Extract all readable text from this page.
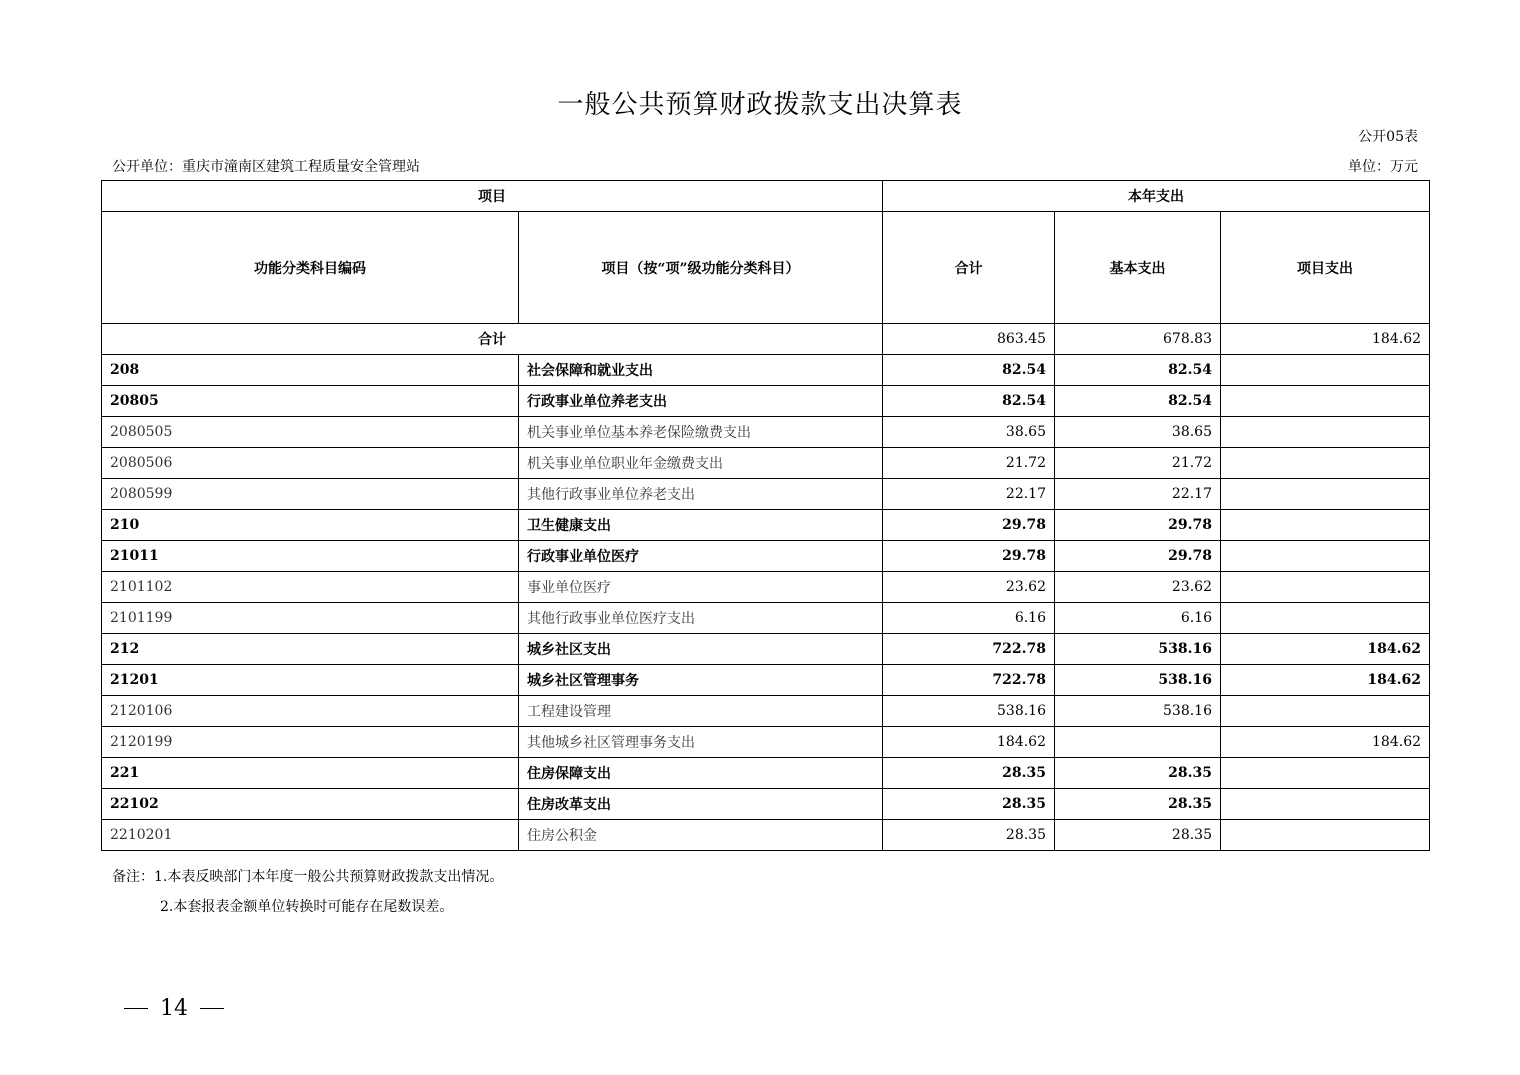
一般公共预算财政拨款支出决算表
公开05表
公开单位：重庆市潼南区建筑工程质量安全管理站	单位：万元
项目		本年支出		
功能分类科目编码	项目（按“项”级功能分类科目）	合计	基本支出	项目支出
合计		863.45	678.83	184.62
208	社会保障和就业支出	82.54	82.54	
20805	行政事业单位养老支出	82.54	82.54	
2080505	机关事业单位基本养老保险缴费支出	38.65	38.65	
2080506	机关事业单位职业年金缴费支出	21.72	21.72	
2080599	其他行政事业单位养老支出	22.17	22.17	
210	卫生健康支出	29.78	29.78	
21011	行政事业单位医疗	29.78	29.78	
2101102	事业单位医疗	23.62	23.62	
2101199	其他行政事业单位医疗支出	6.16	6.16	
212	城乡社区支出	722.78	538.16	184.62
21201	城乡社区管理事务	722.78	538.16	184.62
2120106	工程建设管理	538.16	538.16	
2120199	其他城乡社区管理事务支出	184.62		184.62
221	住房保障支出	28.35	28.35	
22102	住房改革支出	28.35	28.35	
2210201	住房公积金	28.35	28.35	
备注：1.本表反映部门本年度一般公共预算财政拨款支出情况。
2.本套报表金额单位转换时可能存在尾数误差。
14
